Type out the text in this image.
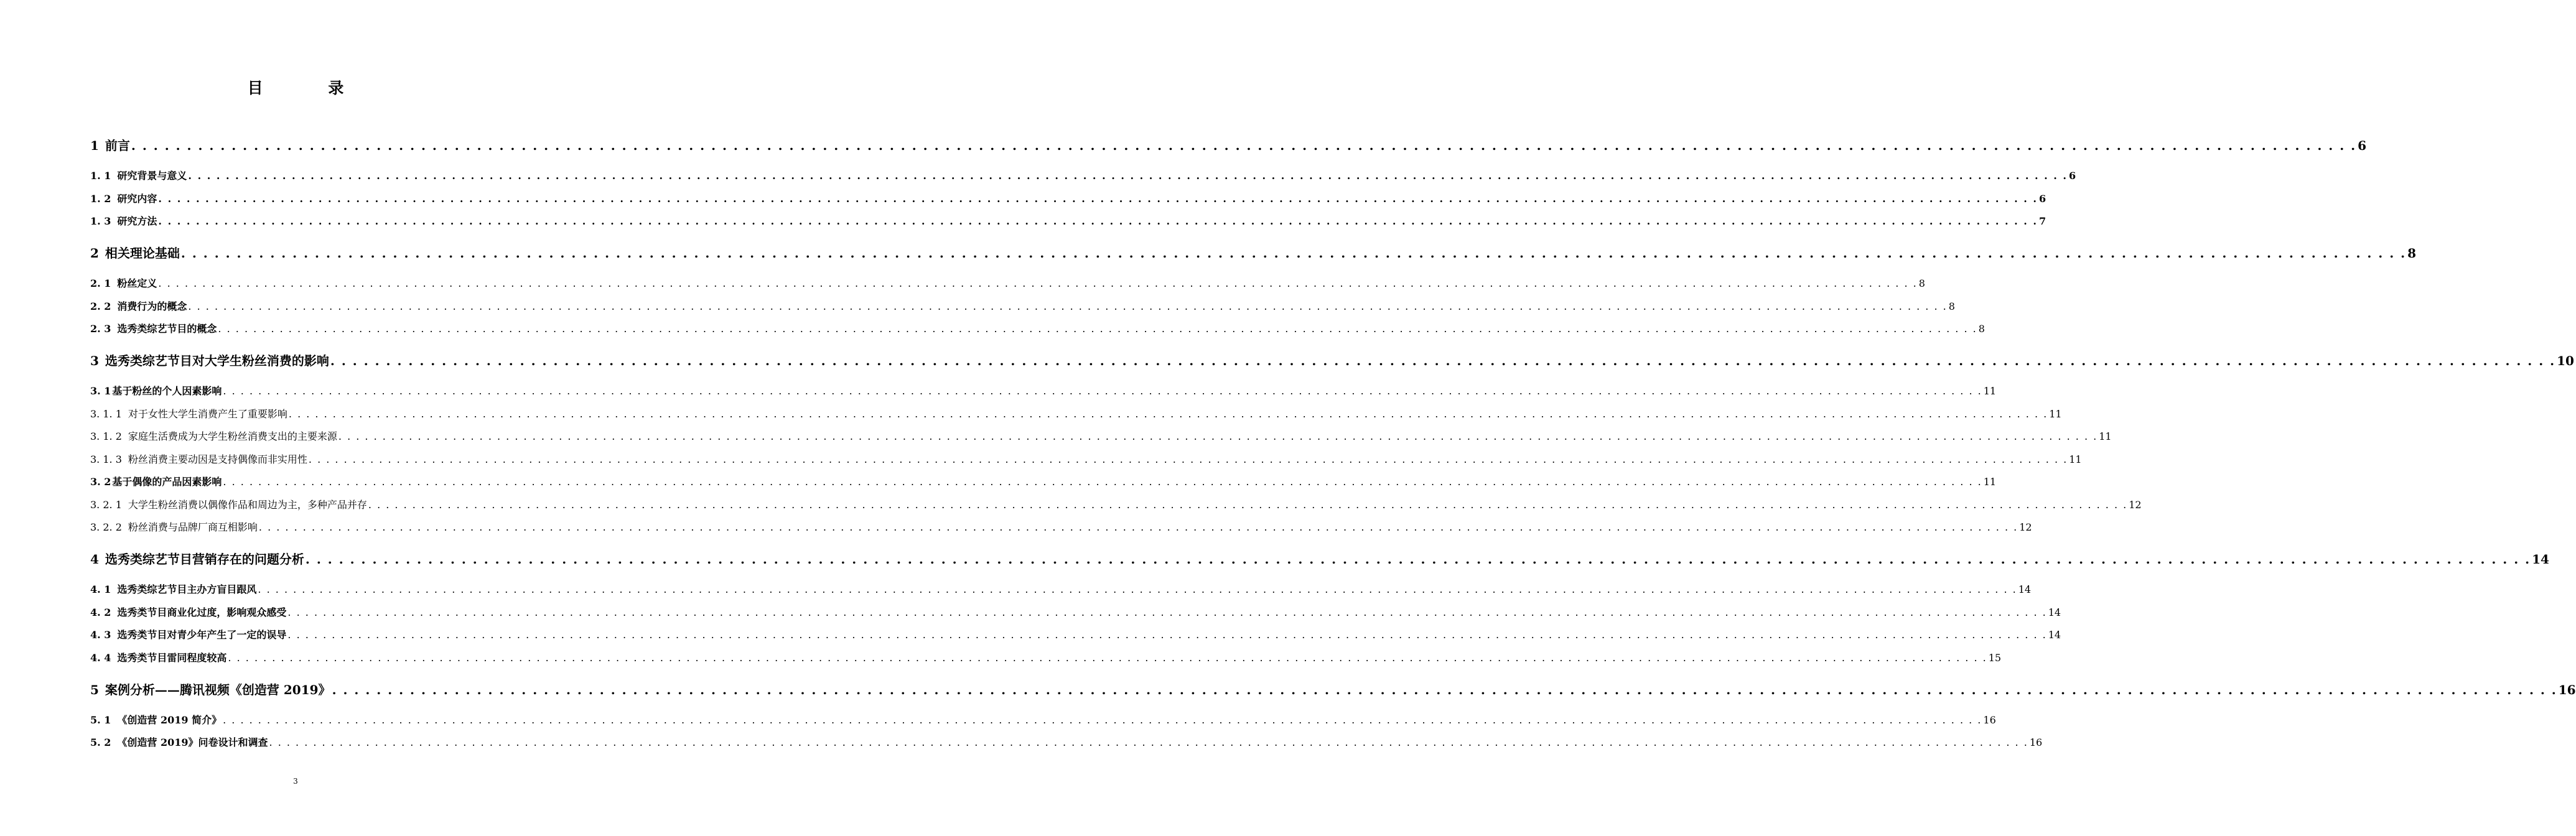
目 录
1 前言 . . . . . . . . . . . . . . . . . . . . . . . . . . . . . . . . . . . . . . . . . . . . . . . . . . . . . . . . . . . . . . . . . . . . . . . . . . . . . . . . . . . . . . . . . . . . . . . . . . . . . . . . . . . . . . . . . . . . . . . . . . . . . . . . . . . . . . . . . . . . . . . . . . . . . . . . . . . . . . . . . . . . . . . . . . . . . . . . . . . . . . . . . . . . . . . . . . . . . . . . 6
1. 1 研究背景与意义 . . . . . . . . . . . . . . . . . . . . . . . . . . . . . . . . . . . . . . . . . . . . . . . . . . . . . . . . . . . . . . . . . . . . . . . . . . . . . . . . . . . . . . . . . . . . . . . . . . . . . . . . . . . . . . . . . . . . . . . . . . . . . . . . . . . . . . . . . . . . . . . . . . . . . . . . . . . . . . . . . . . . . . . . . . . . . . . . . . . . . . . . . . . . . . . . . . . . . . . . 6
1. 2 研究内容 . . . . . . . . . . . . . . . . . . . . . . . . . . . . . . . . . . . . . . . . . . . . . . . . . . . . . . . . . . . . . . . . . . . . . . . . . . . . . . . . . . . . . . . . . . . . . . . . . . . . . . . . . . . . . . . . . . . . . . . . . . . . . . . . . . . . . . . . . . . . . . . . . . . . . . . . . . . . . . . . . . . . . . . . . . . . . . . . . . . . . . . . . . . . . . . . . . . . . . . . 6
1. 3 研究方法 . . . . . . . . . . . . . . . . . . . . . . . . . . . . . . . . . . . . . . . . . . . . . . . . . . . . . . . . . . . . . . . . . . . . . . . . . . . . . . . . . . . . . . . . . . . . . . . . . . . . . . . . . . . . . . . . . . . . . . . . . . . . . . . . . . . . . . . . . . . . . . . . . . . . . . . . . . . . . . . . . . . . . . . . . . . . . . . . . . . . . . . . . . . . . . . . . . . . . . . . 7
2 相关理论基础 . . . . . . . . . . . . . . . . . . . . . . . . . . . . . . . . . . . . . . . . . . . . . . . . . . . . . . . . . . . . . . . . . . . . . . . . . . . . . . . . . . . . . . . . . . . . . . . . . . . . . . . . . . . . . . . . . . . . . . . . . . . . . . . . . . . . . . . . . . . . . . . . . . . . . . . . . . . . . . . . . . . . . . . . . . . . . . . . . . . . . . . . . . . . . . . . . . . . . . . . 8
2. 1 粉丝定义 . . . . . . . . . . . . . . . . . . . . . . . . . . . . . . . . . . . . . . . . . . . . . . . . . . . . . . . . . . . . . . . . . . . . . . . . . . . . . . . . . . . . . . . . . . . . . . . . . . . . . . . . . . . . . . . . . . . . . . . . . . . . . . . . . . . . . . . . . . . . . . . . . . . . . . . . . . . . . . . . . . . . . . . . . . . . . . . . . . . . . . . . . . . . . . . . . . . . . . . . 8
2. 2 消费行为的概念 . . . . . . . . . . . . . . . . . . . . . . . . . . . . . . . . . . . . . . . . . . . . . . . . . . . . . . . . . . . . . . . . . . . . . . . . . . . . . . . . . . . . . . . . . . . . . . . . . . . . . . . . . . . . . . . . . . . . . . . . . . . . . . . . . . . . . . . . . . . . . . . . . . . . . . . . . . . . . . . . . . . . . . . . . . . . . . . . . . . . . . . . . . . . . . . . . . . . . . . . 8
2. 3 选秀类综艺节目的概念 . . . . . . . . . . . . . . . . . . . . . . . . . . . . . . . . . . . . . . . . . . . . . . . . . . . . . . . . . . . . . . . . . . . . . . . . . . . . . . . . . . . . . . . . . . . . . . . . . . . . . . . . . . . . . . . . . . . . . . . . . . . . . . . . . . . . . . . . . . . . . . . . . . . . . . . . . . . . . . . . . . . . . . . . . . . . . . . . . . . . . . . . . . . . . . . . . . . . . . . . 8
3 选秀类综艺节目对大学生粉丝消费的影响 . . . . . . . . . . . . . . . . . . . . . . . . . . . . . . . . . . . . . . . . . . . . . . . . . . . . . . . . . . . . . . . . . . . . . . . . . . . . . . . . . . . . . . . . . . . . . . . . . . . . . . . . . . . . . . . . . . . . . . . . . . . . . . . . . . . . . . . . . . . . . . . . . . . . . . . . . . . . . . . . . . . . . . . . . . . . . . . . . . . . . . . . . . . . . . . . . . . . . . . . 10
3. 1 基于粉丝的个人因素影响 . . . . . . . . . . . . . . . . . . . . . . . . . . . . . . . . . . . . . . . . . . . . . . . . . . . . . . . . . . . . . . . . . . . . . . . . . . . . . . . . . . . . . . . . . . . . . . . . . . . . . . . . . . . . . . . . . . . . . . . . . . . . . . . . . . . . . . . . . . . . . . . . . . . . . . . . . . . . . . . . . . . . . . . . . . . . . . . . . . . . . . . . . . . . . . . . . . . . . . . . 11
3. 1. 1 对于女性大学生消费产生了重要影响 . . . . . . . . . . . . . . . . . . . . . . . . . . . . . . . . . . . . . . . . . . . . . . . . . . . . . . . . . . . . . . . . . . . . . . . . . . . . . . . . . . . . . . . . . . . . . . . . . . . . . . . . . . . . . . . . . . . . . . . . . . . . . . . . . . . . . . . . . . . . . . . . . . . . . . . . . . . . . . . . . . . . . . . . . . . . . . . . . . . . . . . . . . . . . . . . . . . . . . . . 11
3. 1. 2 家庭生活费成为大学生粉丝消费支出的主要来源 . . . . . . . . . . . . . . . . . . . . . . . . . . . . . . . . . . . . . . . . . . . . . . . . . . . . . . . . . . . . . . . . . . . . . . . . . . . . . . . . . . . . . . . . . . . . . . . . . . . . . . . . . . . . . . . . . . . . . . . . . . . . . . . . . . . . . . . . . . . . . . . . . . . . . . . . . . . . . . . . . . . . . . . . . . . . . . . . . . . . . . . . . . . . . . . . . . . . . . . . 11
3. 1. 3 粉丝消费主要动因是支持偶像而非实用性 . . . . . . . . . . . . . . . . . . . . . . . . . . . . . . . . . . . . . . . . . . . . . . . . . . . . . . . . . . . . . . . . . . . . . . . . . . . . . . . . . . . . . . . . . . . . . . . . . . . . . . . . . . . . . . . . . . . . . . . . . . . . . . . . . . . . . . . . . . . . . . . . . . . . . . . . . . . . . . . . . . . . . . . . . . . . . . . . . . . . . . . . . . . . . . . . . . . . . . . . 11
3. 2 基于偶像的产品因素影响 . . . . . . . . . . . . . . . . . . . . . . . . . . . . . . . . . . . . . . . . . . . . . . . . . . . . . . . . . . . . . . . . . . . . . . . . . . . . . . . . . . . . . . . . . . . . . . . . . . . . . . . . . . . . . . . . . . . . . . . . . . . . . . . . . . . . . . . . . . . . . . . . . . . . . . . . . . . . . . . . . . . . . . . . . . . . . . . . . . . . . . . . . . . . . . . . . . . . . . . . 11
3. 2. 1 大学生粉丝消费以偶像作品和周边为主，多种产品并存 . . . . . . . . . . . . . . . . . . . . . . . . . . . . . . . . . . . . . . . . . . . . . . . . . . . . . . . . . . . . . . . . . . . . . . . . . . . . . . . . . . . . . . . . . . . . . . . . . . . . . . . . . . . . . . . . . . . . . . . . . . . . . . . . . . . . . . . . . . . . . . . . . . . . . . . . . . . . . . . . . . . . . . . . . . . . . . . . . . . . . . . . . . . . . . . . . . . . . . . . 12
3. 2. 2 粉丝消费与品牌厂商互相影响 . . . . . . . . . . . . . . . . . . . . . . . . . . . . . . . . . . . . . . . . . . . . . . . . . . . . . . . . . . . . . . . . . . . . . . . . . . . . . . . . . . . . . . . . . . . . . . . . . . . . . . . . . . . . . . . . . . . . . . . . . . . . . . . . . . . . . . . . . . . . . . . . . . . . . . . . . . . . . . . . . . . . . . . . . . . . . . . . . . . . . . . . . . . . . . . . . . . . . . . . 12
4 选秀类综艺节目营销存在的问题分析 . . . . . . . . . . . . . . . . . . . . . . . . . . . . . . . . . . . . . . . . . . . . . . . . . . . . . . . . . . . . . . . . . . . . . . . . . . . . . . . . . . . . . . . . . . . . . . . . . . . . . . . . . . . . . . . . . . . . . . . . . . . . . . . . . . . . . . . . . . . . . . . . . . . . . . . . . . . . . . . . . . . . . . . . . . . . . . . . . . . . . . . . . . . . . . . . . . . . . . . . 14
4. 1 选秀类综艺节目主办方盲目跟风 . . . . . . . . . . . . . . . . . . . . . . . . . . . . . . . . . . . . . . . . . . . . . . . . . . . . . . . . . . . . . . . . . . . . . . . . . . . . . . . . . . . . . . . . . . . . . . . . . . . . . . . . . . . . . . . . . . . . . . . . . . . . . . . . . . . . . . . . . . . . . . . . . . . . . . . . . . . . . . . . . . . . . . . . . . . . . . . . . . . . . . . . . . . . . . . . . . . . . . . . 14
4. 2 选秀类节目商业化过度，影响观众感受 . . . . . . . . . . . . . . . . . . . . . . . . . . . . . . . . . . . . . . . . . . . . . . . . . . . . . . . . . . . . . . . . . . . . . . . . . . . . . . . . . . . . . . . . . . . . . . . . . . . . . . . . . . . . . . . . . . . . . . . . . . . . . . . . . . . . . . . . . . . . . . . . . . . . . . . . . . . . . . . . . . . . . . . . . . . . . . . . . . . . . . . . . . . . . . . . . . . . . . . . 14
4. 3 选秀类节目对青少年产生了一定的误导 . . . . . . . . . . . . . . . . . . . . . . . . . . . . . . . . . . . . . . . . . . . . . . . . . . . . . . . . . . . . . . . . . . . . . . . . . . . . . . . . . . . . . . . . . . . . . . . . . . . . . . . . . . . . . . . . . . . . . . . . . . . . . . . . . . . . . . . . . . . . . . . . . . . . . . . . . . . . . . . . . . . . . . . . . . . . . . . . . . . . . . . . . . . . . . . . . . . . . . . . 14
4. 4 选秀类节目雷同程度较高 . . . . . . . . . . . . . . . . . . . . . . . . . . . . . . . . . . . . . . . . . . . . . . . . . . . . . . . . . . . . . . . . . . . . . . . . . . . . . . . . . . . . . . . . . . . . . . . . . . . . . . . . . . . . . . . . . . . . . . . . . . . . . . . . . . . . . . . . . . . . . . . . . . . . . . . . . . . . . . . . . . . . . . . . . . . . . . . . . . . . . . . . . . . . . . . . . . . . . . . . 15
5 案例分析——腾讯视频《创造营 2019》 . . . . . . . . . . . . . . . . . . . . . . . . . . . . . . . . . . . . . . . . . . . . . . . . . . . . . . . . . . . . . . . . . . . . . . . . . . . . . . . . . . . . . . . . . . . . . . . . . . . . . . . . . . . . . . . . . . . . . . . . . . . . . . . . . . . . . . . . . . . . . . . . . . . . . . . . . . . . . . . . . . . . . . . . . . . . . . . . . . . . . . . . . . . . . . . . . . . . . . . . 16
5. 1 《创造营 2019 简介》 . . . . . . . . . . . . . . . . . . . . . . . . . . . . . . . . . . . . . . . . . . . . . . . . . . . . . . . . . . . . . . . . . . . . . . . . . . . . . . . . . . . . . . . . . . . . . . . . . . . . . . . . . . . . . . . . . . . . . . . . . . . . . . . . . . . . . . . . . . . . . . . . . . . . . . . . . . . . . . . . . . . . . . . . . . . . . . . . . . . . . . . . . . . . . . . . . . . . . . . . 16
5. 2 《创造营 2019》问卷设计和调查 . . . . . . . . . . . . . . . . . . . . . . . . . . . . . . . . . . . . . . . . . . . . . . . . . . . . . . . . . . . . . . . . . . . . . . . . . . . . . . . . . . . . . . . . . . . . . . . . . . . . . . . . . . . . . . . . . . . . . . . . . . . . . . . . . . . . . . . . . . . . . . . . . . . . . . . . . . . . . . . . . . . . . . . . . . . . . . . . . . . . . . . . . . . . . . . . . . . . . . . . 16
3
